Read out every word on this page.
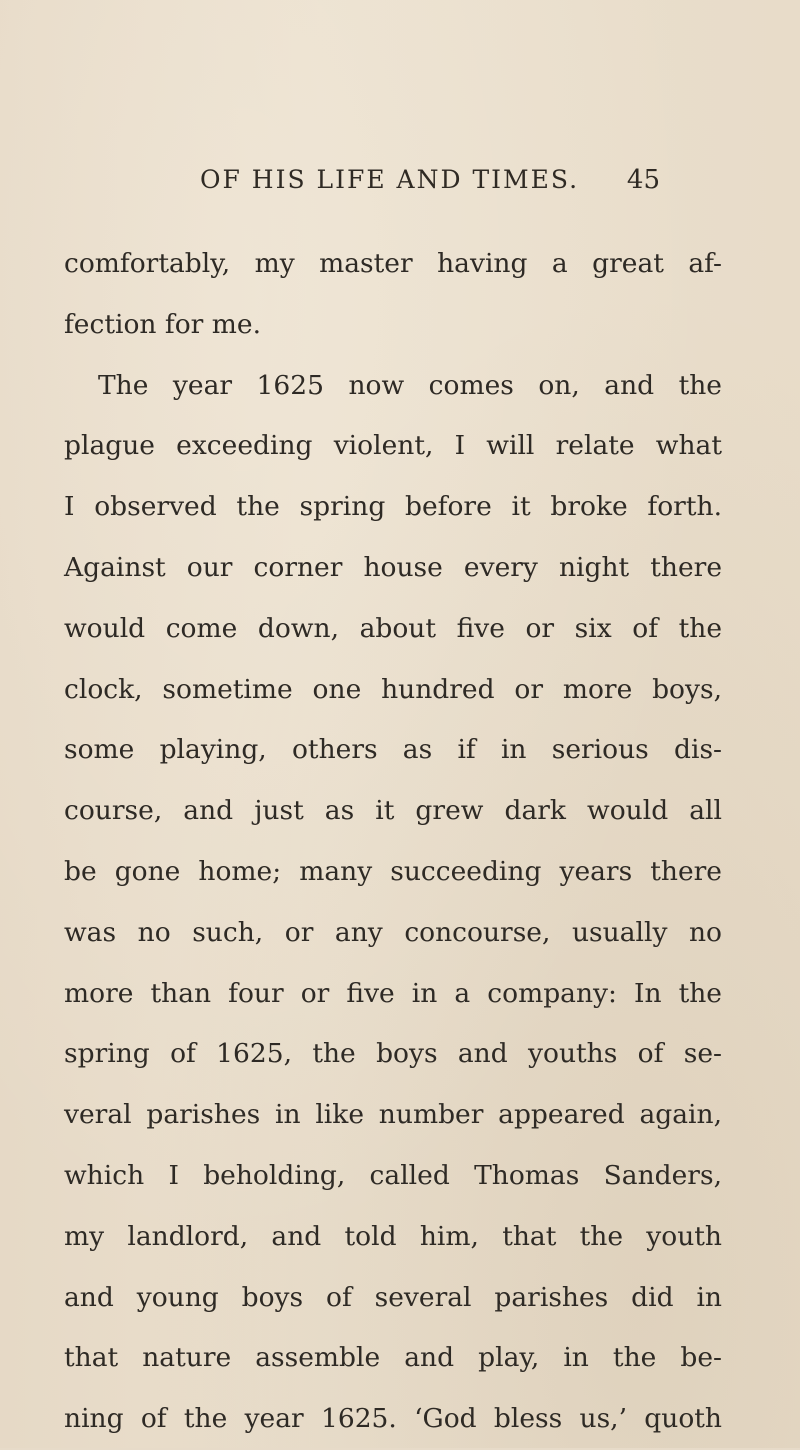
OF HIS LIFE AND TIMES. 45
comfortably, my master having a great af-
fection for me.
The year 1625 now comes on, and the
plague exceeding violent, I will relate what
I observed the spring before it broke forth.
Against our corner house every night there
would come down, about five or six of the
clock, sometime one hundred or more boys,
some playing, others as if in serious dis-
course, and just as it grew dark would all
be gone home; many succeeding years there
was no such, or any concourse, usually no
more than four or five in a company: In the
spring of 1625, the boys and youths of se-
veral parishes in like number appeared again,
which I beholding, called Thomas Sanders,
my landlord, and told him, that the youth
and young boys of several parishes did in
that nature assemble and play, in the be-
ning of the year 1625. ‘God bless us,’ quoth
